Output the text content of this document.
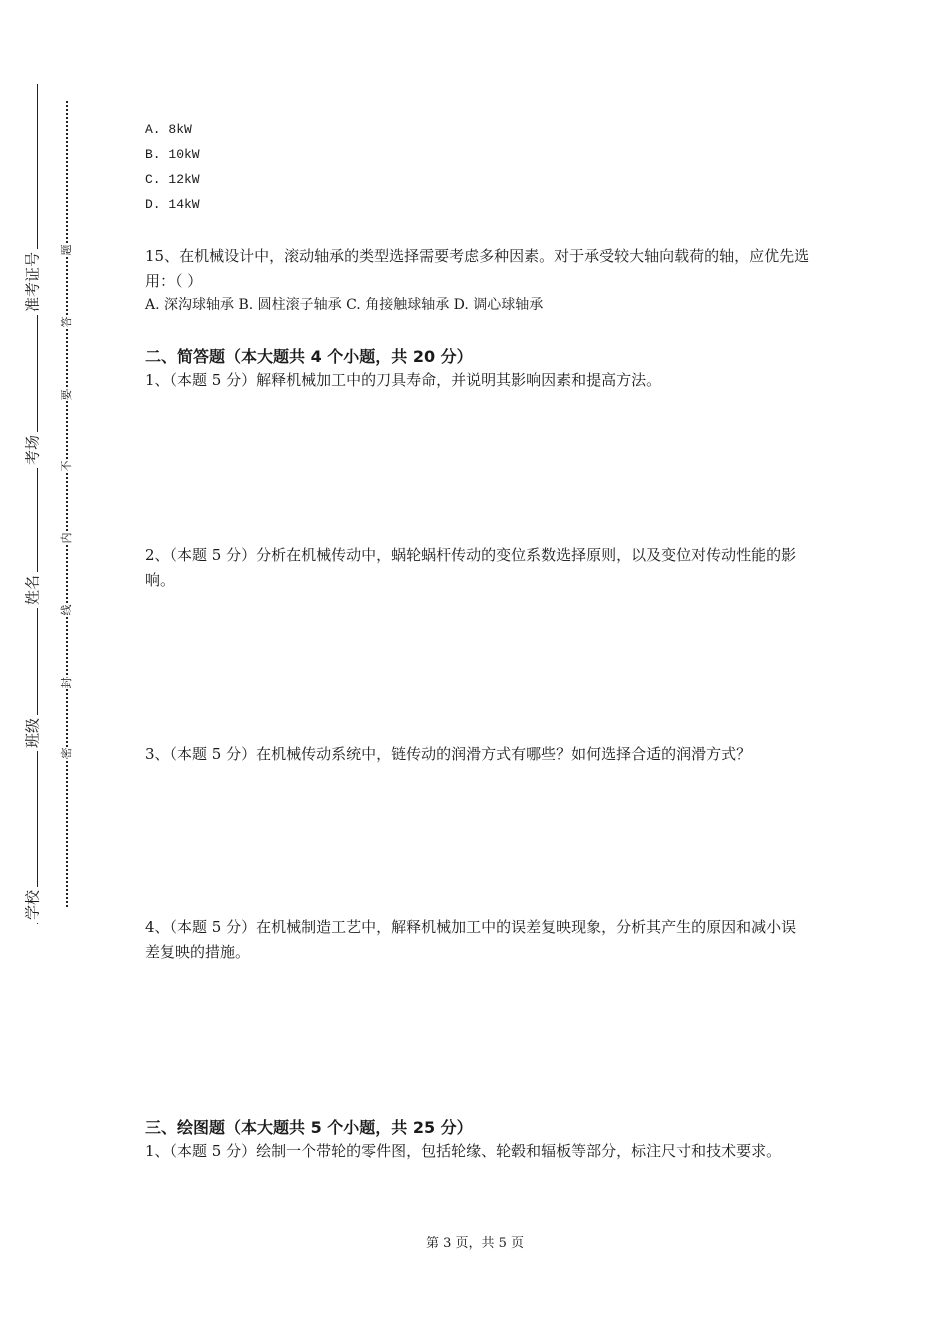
学校
班级
姓名
考场
准考证号
密
封
线
内
不
要
答
题
A. 8kW
B. 10kW
C. 12kW
D. 14kW
15、在机械设计中，滚动轴承的类型选择需要考虑多种因素。对于承受较大轴向载荷的轴，应优先选用：（ ）
A. 深沟球轴承 B. 圆柱滚子轴承 C. 角接触球轴承 D. 调心球轴承
二、简答题（本大题共 4 个小题，共 20 分）
1、（本题 5 分）解释机械加工中的刀具寿命，并说明其影响因素和提高方法。
2、（本题 5 分）分析在机械传动中，蜗轮蜗杆传动的变位系数选择原则，以及变位对传动性能的影响。
3、（本题 5 分）在机械传动系统中，链传动的润滑方式有哪些？如何选择合适的润滑方式？
4、（本题 5 分）在机械制造工艺中，解释机械加工中的误差复映现象，分析其产生的原因和减小误差复映的措施。
三、绘图题（本大题共 5 个小题，共 25 分）
1、（本题 5 分）绘制一个带轮的零件图，包括轮缘、轮毂和辐板等部分，标注尺寸和技术要求。
第 3 页，共 5 页
